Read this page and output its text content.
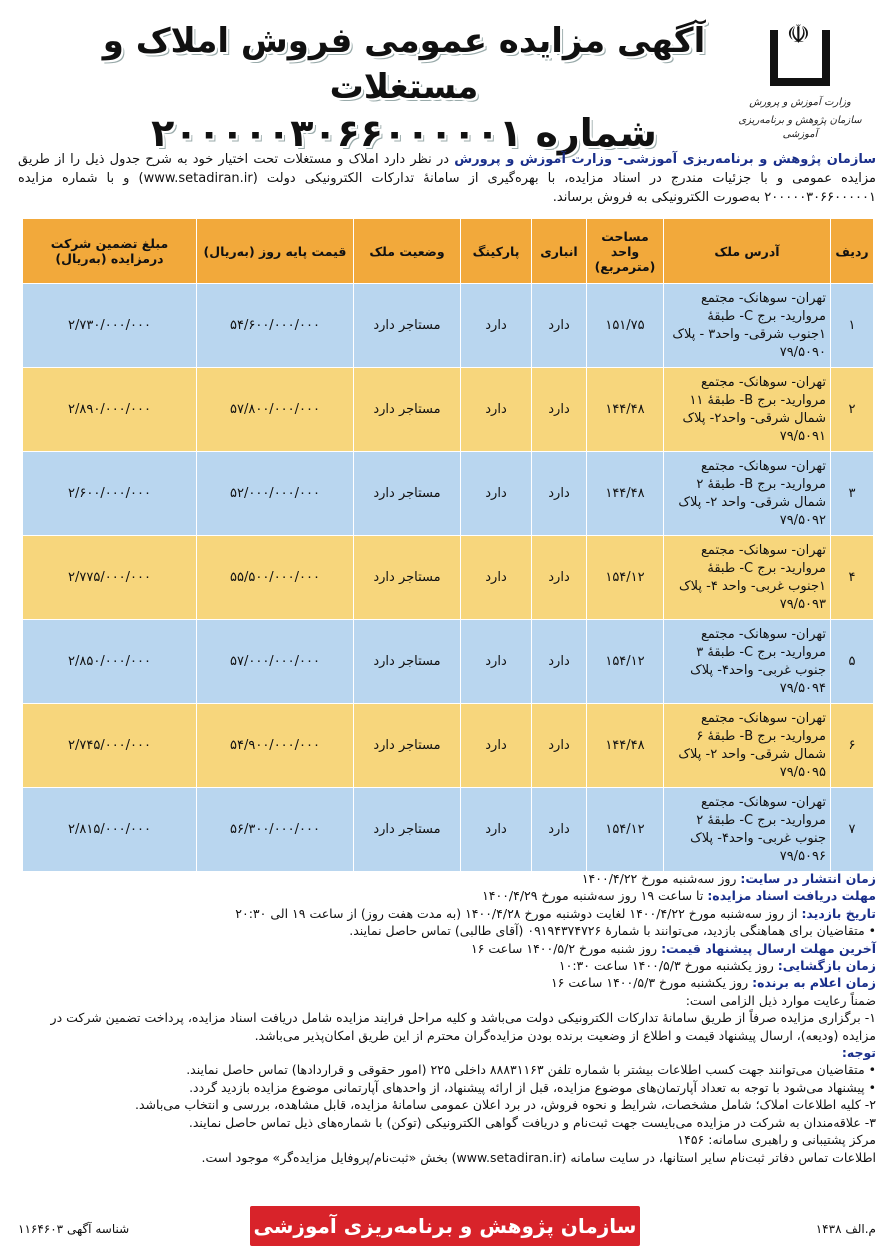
☫
وزارت آموزش و پرورش
سازمان پژوهش و برنامه‌ریزی آموزشی
آگهی مزایده عمومی فروش املاک و مستغلات
شماره ۲۰۰۰۰۰۳۰۶۶۰۰۰۰۰۱
سازمان پژوهش و برنامه‌ریزی آموزشی- وزارت آموزش و پرورش در نظر دارد املاک و مستغلات تحت اختیار خود به شرح جدول ذیل را از طریق مزایده عمومی و با جزئیات مندرج در اسناد مزایده، با بهره‌گیری از سامانهٔ تدارکات الکترونیکی دولت (www.setadiran.ir) و با شماره مزایده ۲۰۰۰۰۰۳۰۶۶۰۰۰۰۰۱ به‌صورت الکترونیکی به فروش برساند.
ردیف	آدرس ملک	مساحت واحد (مترمربع)	انباری	پارکینگ	وضعیت ملک	قیمت پایه روز (به‌ریال)	مبلغ تضمین شرکت درمزایده (به‌ریال)
۱	تهران- سوهانک- مجتمع مروارید- برج C- طبقهٔ ۱جنوب شرقی- واحد۳ - پلاک ۷۹/۵۰۹۰	۱۵۱/۷۵	دارد	دارد	مستاجر دارد	۵۴/۶۰۰/۰۰۰/۰۰۰	۲/۷۳۰/۰۰۰/۰۰۰
۲	تهران- سوهانک- مجتمع مروارید- برج B- طبقهٔ ۱۱ شمال شرقی- واحد۲- پلاک ۷۹/۵۰۹۱	۱۴۴/۴۸	دارد	دارد	مستاجر دارد	۵۷/۸۰۰/۰۰۰/۰۰۰	۲/۸۹۰/۰۰۰/۰۰۰
۳	تهران- سوهانک- مجتمع مروارید- برج B- طبقهٔ ۲ شمال شرقی- واحد ۲- پلاک ۷۹/۵۰۹۲	۱۴۴/۴۸	دارد	دارد	مستاجر دارد	۵۲/۰۰۰/۰۰۰/۰۰۰	۲/۶۰۰/۰۰۰/۰۰۰
۴	تهران- سوهانک- مجتمع مروارید- برج C- طبقهٔ ۱جنوب غربی- واحد ۴- پلاک ۷۹/۵۰۹۳	۱۵۴/۱۲	دارد	دارد	مستاجر دارد	۵۵/۵۰۰/۰۰۰/۰۰۰	۲/۷۷۵/۰۰۰/۰۰۰
۵	تهران- سوهانک- مجتمع مروارید- برج C- طبقهٔ ۳ جنوب غربی- واحد۴- پلاک ۷۹/۵۰۹۴	۱۵۴/۱۲	دارد	دارد	مستاجر دارد	۵۷/۰۰۰/۰۰۰/۰۰۰	۲/۸۵۰/۰۰۰/۰۰۰
۶	تهران- سوهانک- مجتمع مروارید- برج B- طبقهٔ ۶ شمال شرقی- واحد ۲- پلاک ۷۹/۵۰۹۵	۱۴۴/۴۸	دارد	دارد	مستاجر دارد	۵۴/۹۰۰/۰۰۰/۰۰۰	۲/۷۴۵/۰۰۰/۰۰۰
۷	تهران- سوهانک- مجتمع مروارید- برج C- طبقهٔ ۲ جنوب غربی- واحد۴- پلاک ۷۹/۵۰۹۶	۱۵۴/۱۲	دارد	دارد	مستاجر دارد	۵۶/۳۰۰/۰۰۰/۰۰۰	۲/۸۱۵/۰۰۰/۰۰۰

زمان انتشار در سایت: روز سه‌شنبه مورخ ۱۴۰۰/۴/۲۲

مهلت دریافت اسناد مزایده: تا ساعت ۱۹ روز سه‌شنبه مورخ ۱۴۰۰/۴/۲۹

تاریخ بازدید: از روز سه‌شنبه مورخ ۱۴۰۰/۴/۲۲ لغایت دوشنبه مورخ ۱۴۰۰/۴/۲۸ (به مدت هفت روز) از ساعت ۱۹ الی ۲۰:۳۰

• متقاضیان برای هماهنگی بازدید، می‌توانند با شمارهٔ ۰۹۱۹۴۳۷۴۷۲۶ (آقای طالبی) تماس حاصل نمایند.

آخرین مهلت ارسال پیشنهاد قیمت: روز شنبه مورخ ۱۴۰۰/۵/۲ ساعت ۱۶

زمان بازگشایی: روز یکشنبه مورخ ۱۴۰۰/۵/۳ ساعت ۱۰:۳۰

زمان اعلام به برنده: روز یکشنبه مورخ ۱۴۰۰/۵/۳ ساعت ۱۶

ضمناً رعایت موارد ذیل الزامی است:

۱- برگزاری مزایده صرفاً از طریق سامانهٔ تدارکات الکترونیکی دولت می‌باشد و کلیه مراحل فرایند مزایده شامل دریافت اسناد مزایده، پرداخت تضمین شرکت در مزایده (ودیعه)، ارسال پیشنهاد قیمت و اطلاع از وضعیت برنده بودن مزایده‌گران محترم از این طریق امکان‌پذیر می‌باشد.

توجه:

• متقاضیان می‌توانند جهت کسب اطلاعات بیشتر با شماره تلفن ۸۸۸۳۱۱۶۳ داخلی ۲۲۵ (امور حقوقی و قراردادها) تماس حاصل نمایند.

• پیشنهاد می‌شود با توجه به تعداد آپارتمان‌های موضوع مزایده، قبل از ارائه پیشنهاد، از واحدهای آپارتمانی موضوع مزایده بازدید گردد.

۲- کلیه اطلاعات املاک؛ شامل مشخصات، شرایط و نحوه فروش، در برد اعلان عمومی سامانهٔ مزایده، قابل مشاهده، بررسی و انتخاب می‌باشد.

۳- علاقه‌مندان به شرکت در مزایده می‌بایست جهت ثبت‌نام و دریافت گواهی الکترونیکی (توکن) با شماره‌های ذیل تماس حاصل نمایند.

مرکز پشتیبانی و راهبری سامانه: ۱۴۵۶

اطلاعات تماس دفاتر ثبت‌نام سایر استانها، در سایت سامانه (www.setadiran.ir) بخش «ثبت‌نام/پروفایل مزایده‌گر» موجود است.

م.الف ۱۴۳۸
سازمان پژوهش و برنامه‌ریزی آموزشی
شناسه آگهی ۱۱۶۴۶۰۳
